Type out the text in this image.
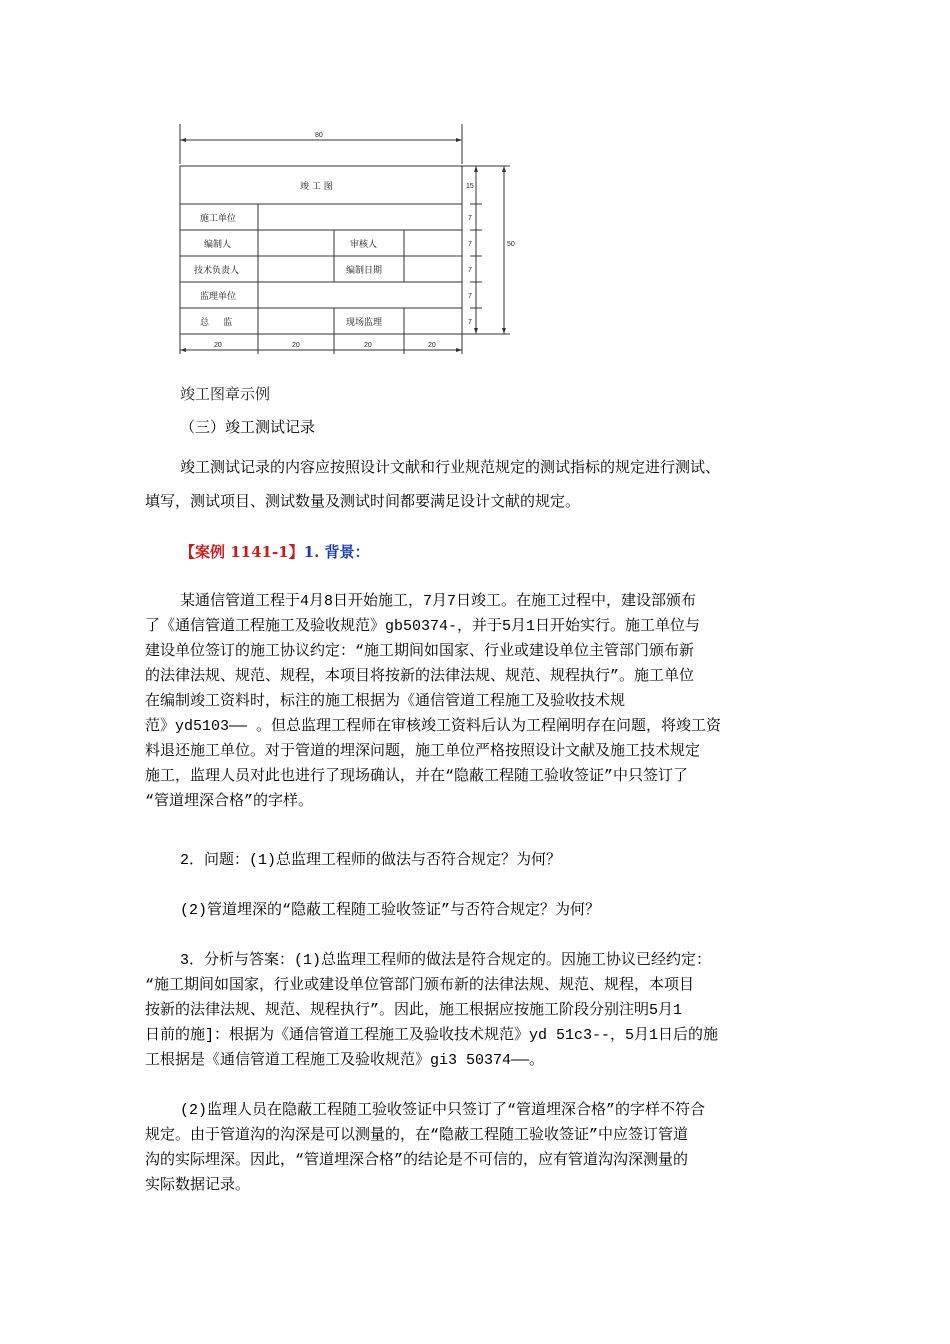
80
20	20	20	20
15
7
7
7
7
7
50
竣 工 图
施工单位
编制人	审核人
技术负责人	编制日期
监理单位
总     监	现场监理
竣工图章示例

（三）竣工测试记录

竣工测试记录的内容应按照设计文献和行业规范规定的测试指标的规定进行测试、
填写，测试项目、测试数量及测试时间都要满足设计文献的规定。

【案例 1141-1】1. 背景：

某通信管道工程于4月8日开始施工，7月7日竣工。在施工过程中，建设部颁布
了《通信管道工程施工及验收规范》gb50374-，并于5月1日开始实行。施工单位与
建设单位签订的施工协议约定：“施工期间如国家、行业或建设单位主管部门颁布新
的法律法规、规范、规程，本项目将按新的法律法规、规范、规程执行”。施工单位
在编制竣工资料时，标注的施工根据为《通信管道工程施工及验收技术规
范》yd5103—— 。但总监理工程师在审核竣工资料后认为工程阐明存在问题，将竣工资
料退还施工单位。对于管道的埋深问题，施工单位严格按照设计文献及施工技术规定
施工，监理人员对此也进行了现场确认，并在“隐蔽工程随工验收签证”中只签订了
“管道埋深合格”的字样。

2．问题：(1)总监理工程师的做法与否符合规定？为何？

(2)管道埋深的“隐蔽工程随工验收签证”与否符合规定？为何？

3．分析与答案：(1)总监理工程师的做法是符合规定的。因施工协议已经约定：
“施工期间如国家，行业或建设单位管部门颁布新的法律法规、规范、规程，本项目
按新的法律法规、规范、规程执行”。因此，施工根据应按施工阶段分别注明5月1
日前的施]：根据为《通信管道工程施工及验收技术规范》yd 51c3--，5月1日后的施
工根据是《通信管道工程施工及验收规范》gi3 50374——。
(2)监理人员在隐蔽工程随工验收签证中只签订了“管道埋深合格”的字样不符合
规定。由于管道沟的沟深是可以测量的，在“隐蔽工程随工验收签证”中应签订管道
沟的实际埋深。因此，“管道埋深合格”的结论是不可信的，应有管道沟沟深测量的
实际数据记录。
